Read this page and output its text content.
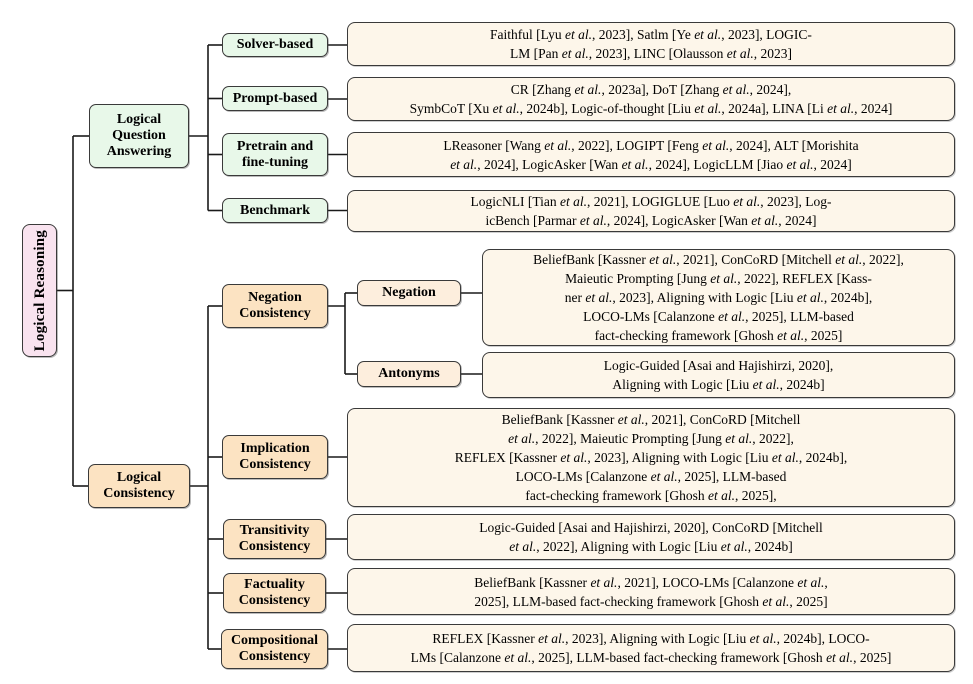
Logical Reasoning
Logical Question Answering
Logical Consistency
Solver-based
Prompt-based
Pretrain and fine-tuning
Benchmark
Faithful [Lyu et al., 2023], Satlm [Ye et al., 2023], LOGIC-
LM [Pan et al., 2023], LINC [Olausson et al., 2023]
CR [Zhang et al., 2023a], DoT [Zhang et al., 2024],
SymbCoT [Xu et al., 2024b], Logic-of-thought [Liu et al., 2024a], LINA [Li et al., 2024]
LReasoner [Wang et al., 2022], LOGIPT [Feng et al., 2024], ALT [Morishita
et al., 2024], LogicAsker [Wan et al., 2024], LogicLLM [Jiao et al., 2024]
LogicNLI [Tian et al., 2021], LOGIGLUE [Luo et al., 2023], Log-
icBench [Parmar et al., 2024], LogicAsker [Wan et al., 2024]
Negation Consistency
Negation
Antonyms
Implication Consistency
Transitivity Consistency
Factuality Consistency
Compositional Consistency
BeliefBank [Kassner et al., 2021], ConCoRD [Mitchell et al., 2022],
Maieutic Prompting [Jung et al., 2022], REFLEX [Kass-
ner et al., 2023], Aligning with Logic [Liu et al., 2024b],
LOCO-LMs [Calanzone et al., 2025], LLM-based
fact-checking framework [Ghosh et al., 2025]
Logic-Guided [Asai and Hajishirzi, 2020],
Aligning with Logic [Liu et al., 2024b]
BeliefBank [Kassner et al., 2021], ConCoRD [Mitchell
et al., 2022], Maieutic Prompting [Jung et al., 2022],
REFLEX [Kassner et al., 2023], Aligning with Logic [Liu et al., 2024b],
LOCO-LMs [Calanzone et al., 2025], LLM-based
fact-checking framework [Ghosh et al., 2025],
Logic-Guided [Asai and Hajishirzi, 2020], ConCoRD [Mitchell
et al., 2022], Aligning with Logic [Liu et al., 2024b]
BeliefBank [Kassner et al., 2021], LOCO-LMs [Calanzone et al.,
2025], LLM-based fact-checking framework [Ghosh et al., 2025]
REFLEX [Kassner et al., 2023], Aligning with Logic [Liu et al., 2024b], LOCO-
LMs [Calanzone et al., 2025], LLM-based fact-checking framework [Ghosh et al., 2025]
